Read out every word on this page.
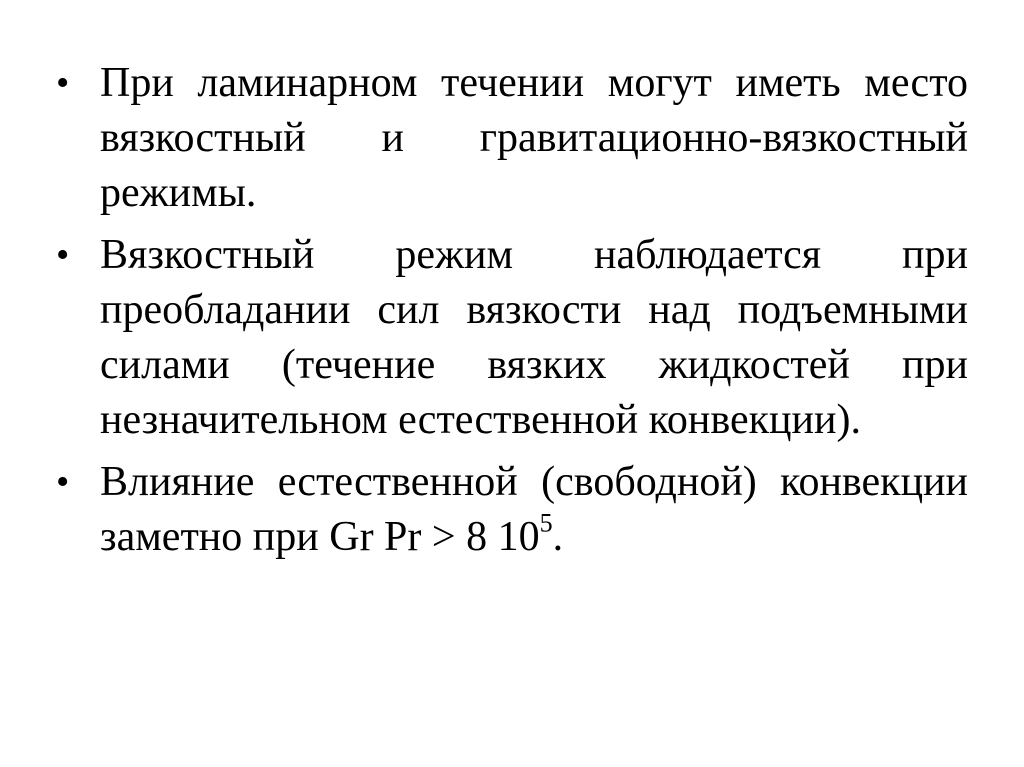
• При ламинарном течении могут иметь место вязкостный и гравитационно-вязкостный режимы.
• Вязкостный режим наблюдается при преобладании сил вязкости над подъемными силами (течение вязких жидкостей при незначительном естественной конвекции).
• Влияние естественной (свободной) конвекции заметно при Gr Pr > 8 $10^5$.
